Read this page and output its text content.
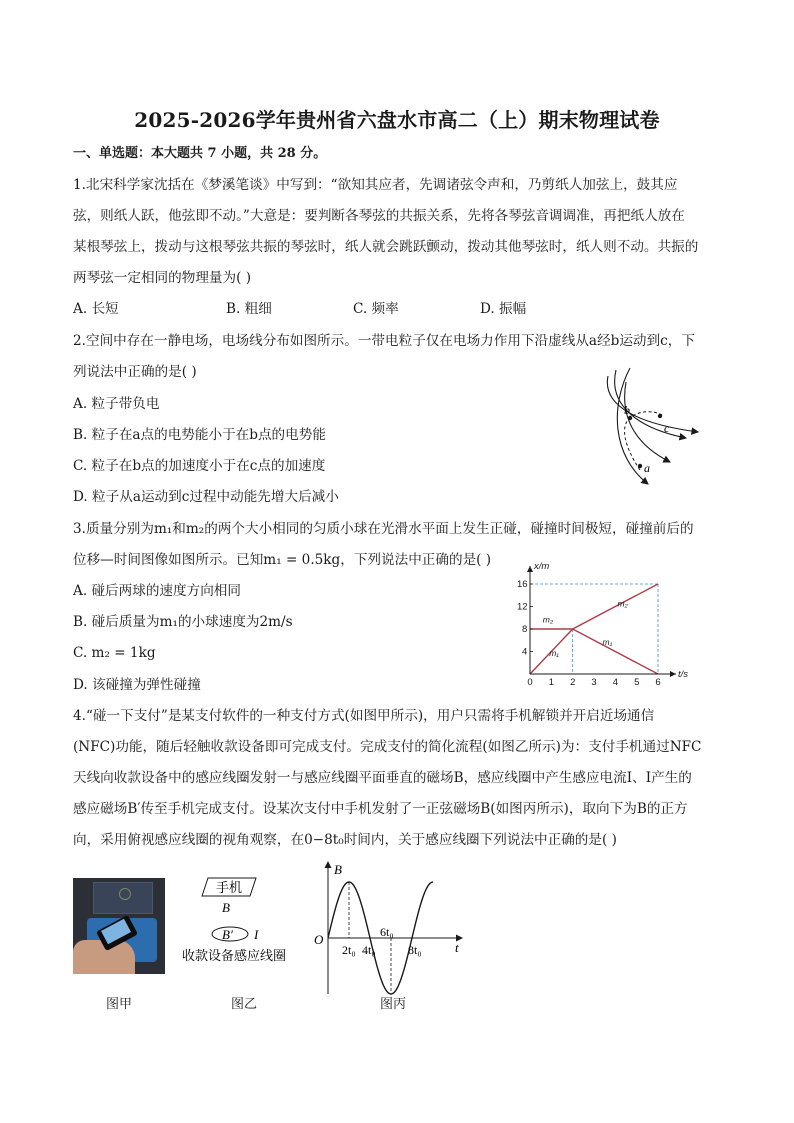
2025-2026学年贵州省六盘水市高二（上）期末物理试卷
一、单选题：本大题共 7 小题，共 28 分。
1.北宋科学家沈括在《梦溪笔谈》中写到：“欲知其应者，先调诸弦令声和，乃剪纸人加弦上，鼓其应
弦，则纸人跃，他弦即不动。”大意是：要判断各琴弦的共振关系，先将各琴弦音调调准，再把纸人放在
某根琴弦上，拨动与这根琴弦共振的琴弦时，纸人就会跳跃颤动，拨动其他琴弦时，纸人则不动。共振的
两琴弦一定相同的物理量为( )
A. 长短	B. 粗细	C. 频率	D. 振幅
2.空间中存在一静电场，电场线分布如图所示。一带电粒子仅在电场力作用下沿虚线从a经b运动到c，下
列说法中正确的是( )
A. 粒子带负电
B. 粒子在a点的电势能小于在b点的电势能
C. 粒子在b点的加速度小于在c点的加速度
D. 粒子从a运动到c过程中动能先增大后减小
a
b
c
3.质量分别为m₁和m₂的两个大小相同的匀质小球在光滑水平面上发生正碰，碰撞时间极短，碰撞前后的
位移—时间图像如图所示。已知m₁ = 0.5kg，下列说法中正确的是( )
A. 碰后两球的速度方向相同
B. 碰后质量为m₁的小球速度为2m/s
C. m₂ = 1kg
D. 该碰撞为弹性碰撞	0 1 2 3 4 5 6
4
8
12
16
t/s
x/m
m₁
m₂
m₁
m₂
4.“碰一下支付”是某支付软件的一种支付方式(如图甲所示)，用户只需将手机解锁并开启近场通信
(NFC)功能，随后轻触收款设备即可完成支付。完成支付的简化流程(如图乙所示)为：支付手机通过NFC
天线向收款设备中的感应线圈发射一与感应线圈平面垂直的磁场B，感应线圈中产生感应电流I、I产生的
感应磁场B′传至手机完成支付。设某次支付中手机发射了一正弦磁场B(如图丙所示)，取向下为B的正方
向，采用俯视感应线圈的视角观察，在0−8t₀时间内，关于感应线圈下列说法中正确的是( )
手机
B
B′ I
收款设备感应线圈
B
O
t
2t₀ 4t₀
6t₀
8t₀
图甲	图乙	图丙
